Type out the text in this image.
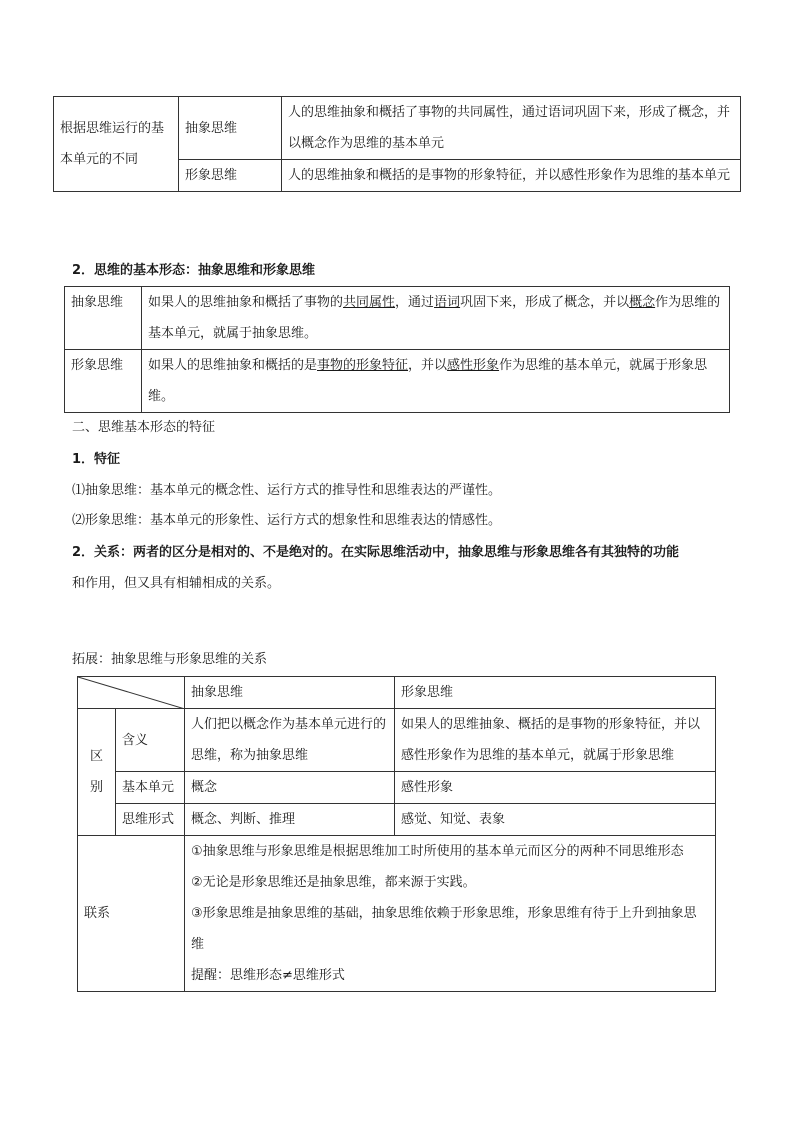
根据思维运行的基本单元的不同	抽象思维	人的思维抽象和概括了事物的共同属性，通过语词巩固下来，形成了概念，并以概念作为思维的基本单元
	形象思维	人的思维抽象和概括的是事物的形象特征，并以感性形象作为思维的基本单元

2．思维的基本形态：抽象思维和形象思维

抽象思维	如果人的思维抽象和概括了事物的共同属性，通过语词巩固下来，形成了概念，并以概念作为思维的基本单元，就属于抽象思维。
形象思维	如果人的思维抽象和概括的是事物的形象特征，并以感性形象作为思维的基本单元，就属于形象思维。

二、思维基本形态的特征

1．特征

⑴抽象思维：基本单元的概念性、运行方式的推导性和思维表达的严谨性。

⑵形象思维：基本单元的形象性、运行方式的想象性和思维表达的情感性。

2．关系：两者的区分是相对的、不是绝对的。在实际思维活动中，抽象思维与形象思维各有其独特的功能

和作用，但又具有相辅相成的关系。

拓展：抽象思维与形象思维的关系

	抽象思维	形象思维
区别	含义	人们把以概念作为基本单元进行的思维，称为抽象思维	如果人的思维抽象、概括的是事物的形象特征，并以感性形象作为思维的基本单元，就属于形象思维
	基本单元	概念	感性形象
	思维形式	概念、判断、推理	感觉、知觉、表象
联系		①抽象思维与形象思维是根据思维加工时所使用的基本单元而区分的两种不同思维形态
②无论是形象思维还是抽象思维，都来源于实践。
③形象思维是抽象思维的基础，抽象思维依赖于形象思维，形象思维有待于上升到抽象思维
提醒：思维形态≠思维形式	
